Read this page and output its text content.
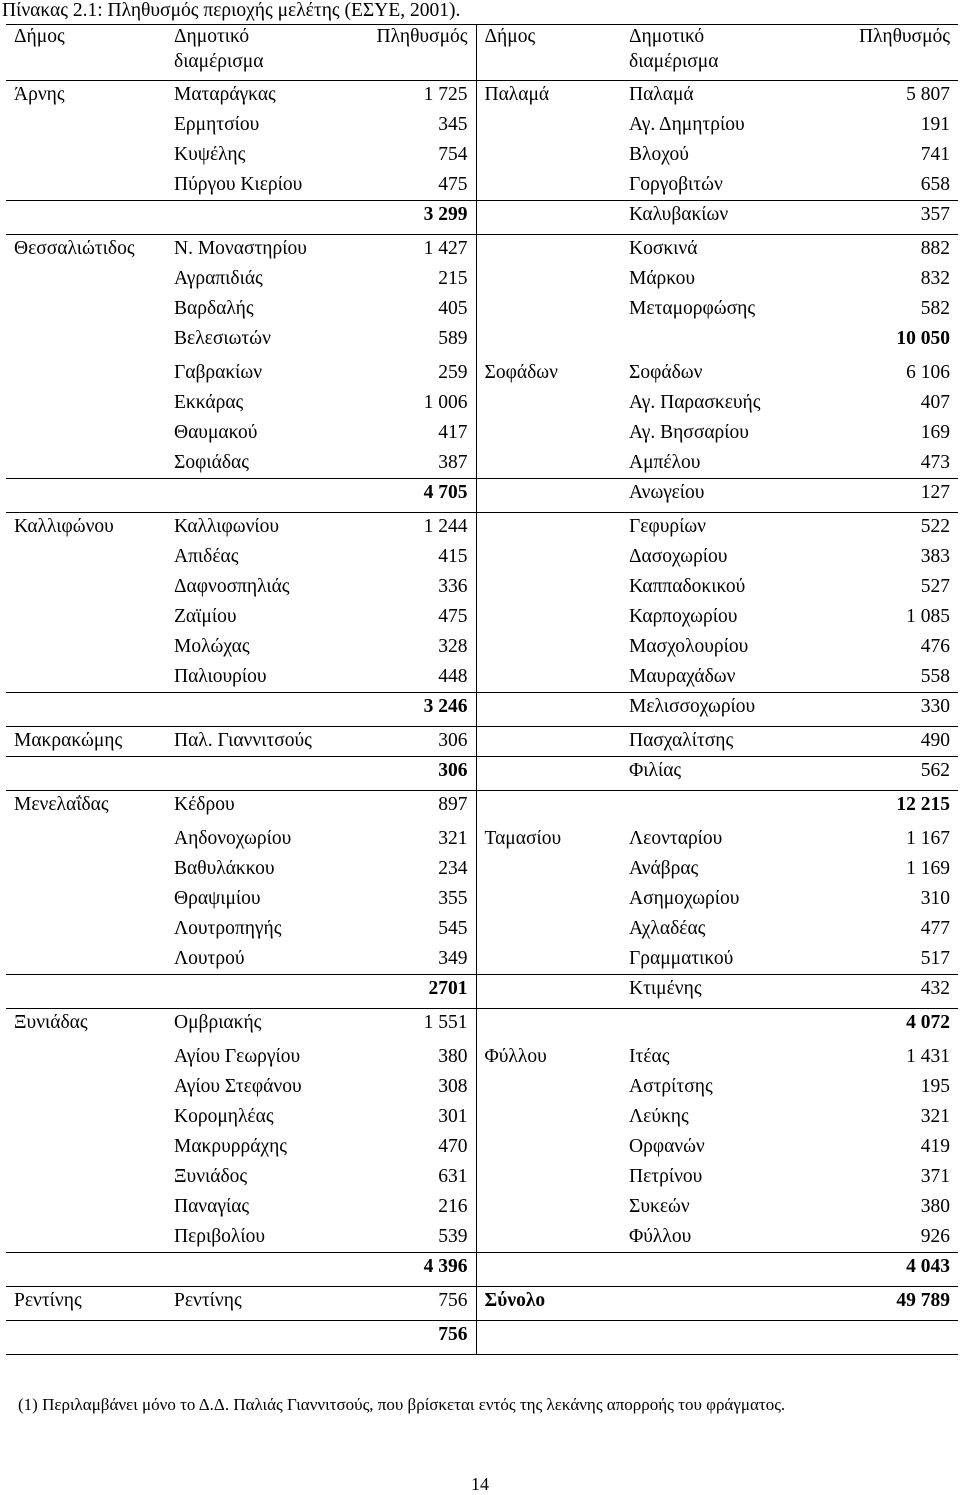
Πίνακας 2.1: Πληθυσμός περιοχής μελέτης (ΕΣΥΕ, 2001).
Δήμος	Δημοτικό διαμέρισμα	Πληθυσμός	Δήμος	Δημοτικό διαμέρισμα	Πληθυσμός
Άρνης	Ματαράγκας	1 725	Παλαμά	Παλαμά	5 807
	Ερμητσίου	345		Αγ. Δημητρίου	191
	Κυψέλης	754		Βλοχού	741
	Πύργου Κιερίου	475		Γοργοβιτών	658
		3 299		Καλυβακίων	357
Θεσσαλιώτιδος	Ν. Μοναστηρίου	1 427		Κοσκινά	882
	Αγραπιδιάς	215		Μάρκου	832
	Βαρδαλής	405		Μεταμορφώσης	582
	Βελεσιωτών	589			10 050
	Γαβρακίων	259	Σοφάδων	Σοφάδων	6 106
	Εκκάρας	1 006		Αγ. Παρασκευής	407
	Θαυμακού	417		Αγ. Βησσαρίου	169
	Σοφιάδας	387		Αμπέλου	473
		4 705		Ανωγείου	127
Καλλιφώνου	Καλλιφωνίου	1 244		Γεφυρίων	522
	Απιδέας	415		Δασοχωρίου	383
	Δαφνοσπηλιάς	336		Καππαδοκικού	527
	Ζαϊμίου	475		Καρποχωρίου	1 085
	Μολώχας	328		Μασχολουρίου	476
	Παλιουρίου	448		Μαυραχάδων	558
		3 246		Μελισσοχωρίου	330
Μακρακώμης	Παλ. Γιαννιτσούς	306		Πασχαλίτσης	490
		306		Φιλίας	562
Μενελαΐδας	Κέδρου	897			12 215
	Αηδονοχωρίου	321	Ταμασίου	Λεονταρίου	1 167
	Βαθυλάκκου	234		Ανάβρας	1 169
	Θραψιμίου	355		Ασημοχωρίου	310
	Λουτροπηγής	545		Αχλαδέας	477
	Λουτρού	349		Γραμματικού	517
		2701		Κτιμένης	432
Ξυνιάδας	Ομβριακής	1 551			4 072
	Αγίου Γεωργίου	380	Φύλλου	Ιτέας	1 431
	Αγίου Στεφάνου	308		Αστρίτσης	195
	Κορομηλέας	301		Λεύκης	321
	Μακρυρράχης	470		Ορφανών	419
	Ξυνιάδος	631		Πετρίνου	371
	Παναγίας	216		Συκεών	380
	Περιβολίου	539		Φύλλου	926
		4 396			4 043
Ρεντίνης	Ρεντίνης	756	Σύνολο		49 789
		756			
(1) Περιλαμβάνει μόνο το Δ.Δ. Παλιάς Γιαννιτσούς, που βρίσκεται εντός της λεκάνης απορροής του φράγματος.
14
